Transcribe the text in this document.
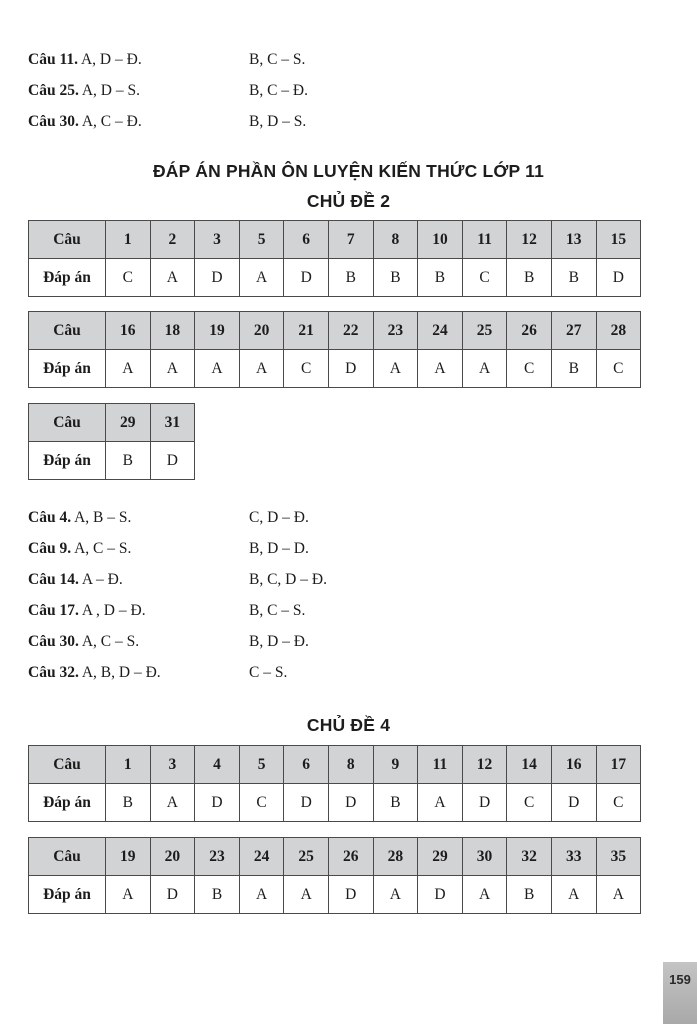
Câu 11. A, D – Đ.	B, C – S.
Câu 25. A, D – S.	B, C – Đ.
Câu 30. A, C – Đ.	B, D – S.
ĐÁP ÁN PHẦN ÔN LUYỆN KIẾN THỨC LỚP 11
CHỦ ĐỀ 2
Câu	1	2	3	5	6	7	8	10	11	12	13	15
Đáp án	C	A	D	A	D	B	B	B	C	B	B	D
Câu	16	18	19	20	21	22	23	24	25	26	27	28
Đáp án	A	A	A	A	C	D	A	A	A	C	B	C
Câu	29	31
Đáp án	B	D
Câu 4. A, B – S.	C, D – Đ.
Câu 9. A, C – S.	B, D – D.
Câu 14. A – Đ.	B, C, D – Đ.
Câu 17. A , D – Đ.	B, C – S.
Câu 30. A, C – S.	B, D – Đ.
Câu 32. A, B, D – Đ.	C – S.
CHỦ ĐỀ 4
Câu	1	3	4	5	6	8	9	11	12	14	16	17
Đáp án	B	A	D	C	D	D	B	A	D	C	D	C
Câu	19	20	23	24	25	26	28	29	30	32	33	35
Đáp án	A	D	B	A	A	D	A	D	A	B	A	A
159
